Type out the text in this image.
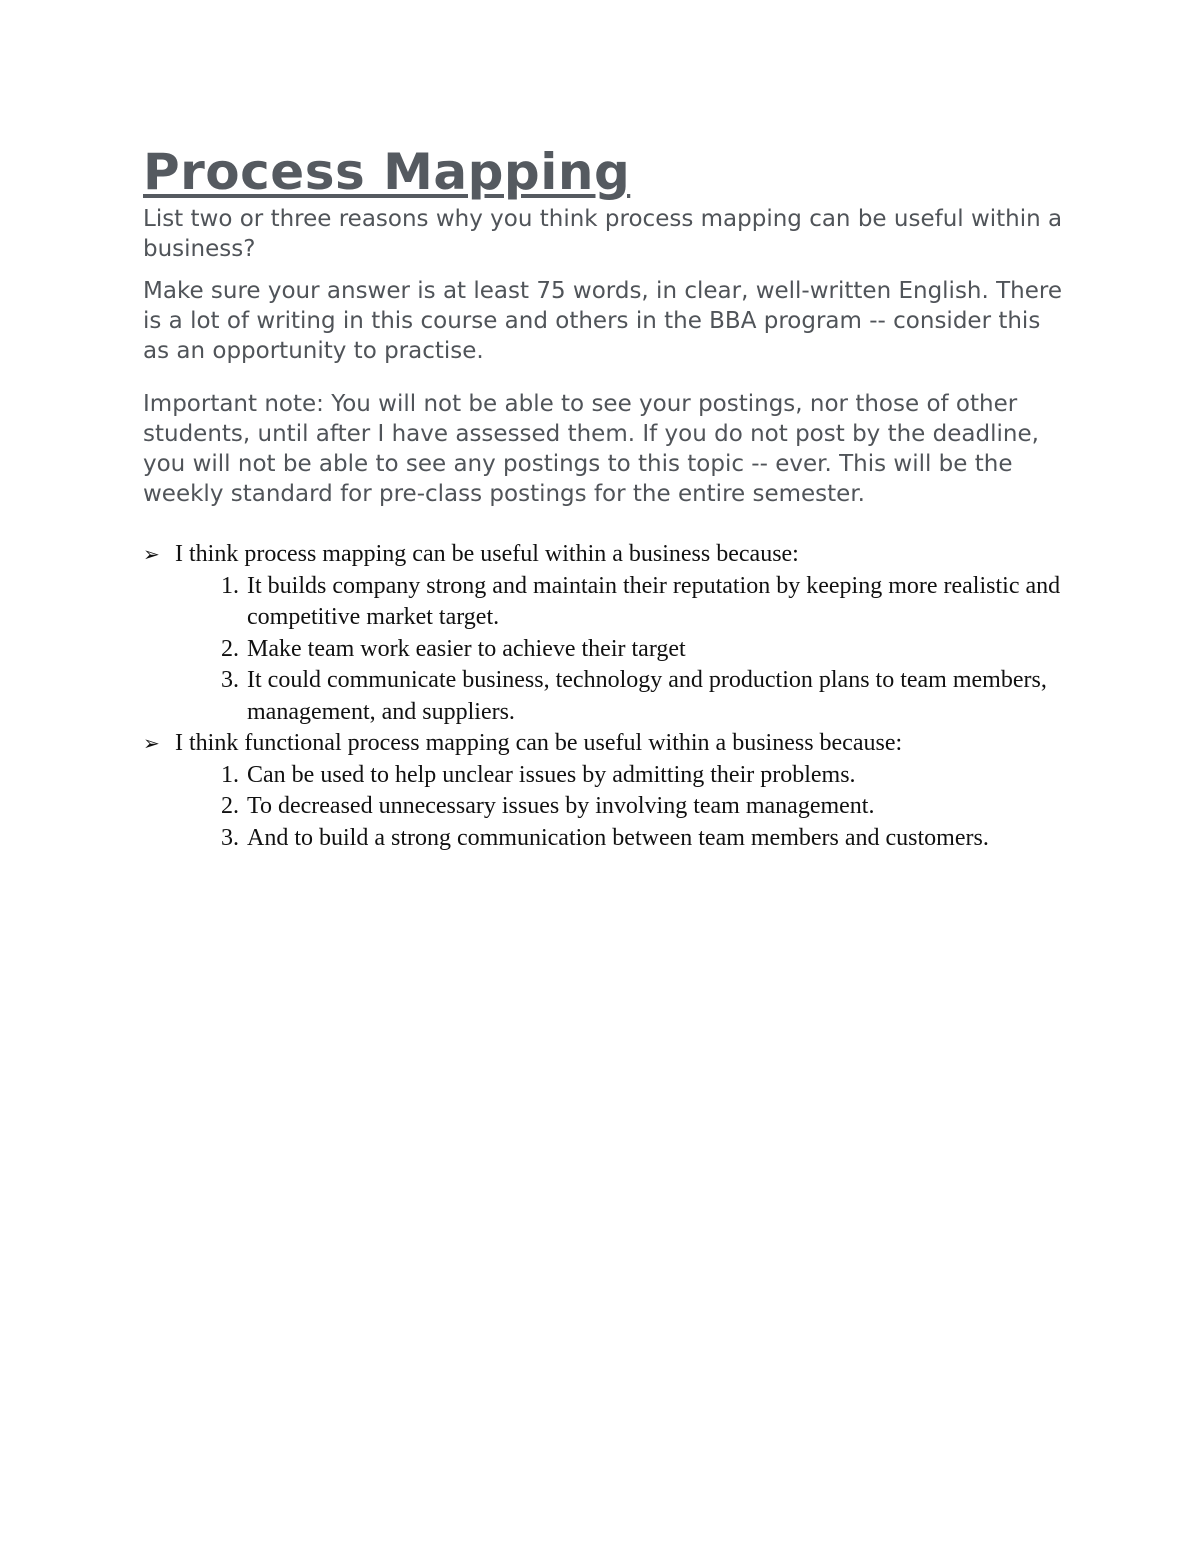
Process Mapping

List two or three reasons why you think process mapping can be useful within a business?

Make sure your answer is at least 75 words, in clear, well-written English. There is a lot of writing in this course and others in the BBA program -- consider this as an opportunity to practise.

Important note: You will not be able to see your postings, nor those of other students, until after I have assessed them. If you do not post by the deadline, you will not be able to see any postings to this topic -- ever. This will be the weekly standard for pre-class postings for the entire semester.

➢ I think process mapping can be useful within a business because:
1. It builds company strong and maintain their reputation by keeping more realistic and competitive market target.
2. Make team work easier to achieve their target
3. It could communicate business, technology and production plans to team members, management, and suppliers.
➢ I think functional process mapping can be useful within a business because:
1. Can be used to help unclear issues by admitting their problems.
2. To decreased unnecessary issues by involving team management.
3. And to build a strong communication between team members and customers.
